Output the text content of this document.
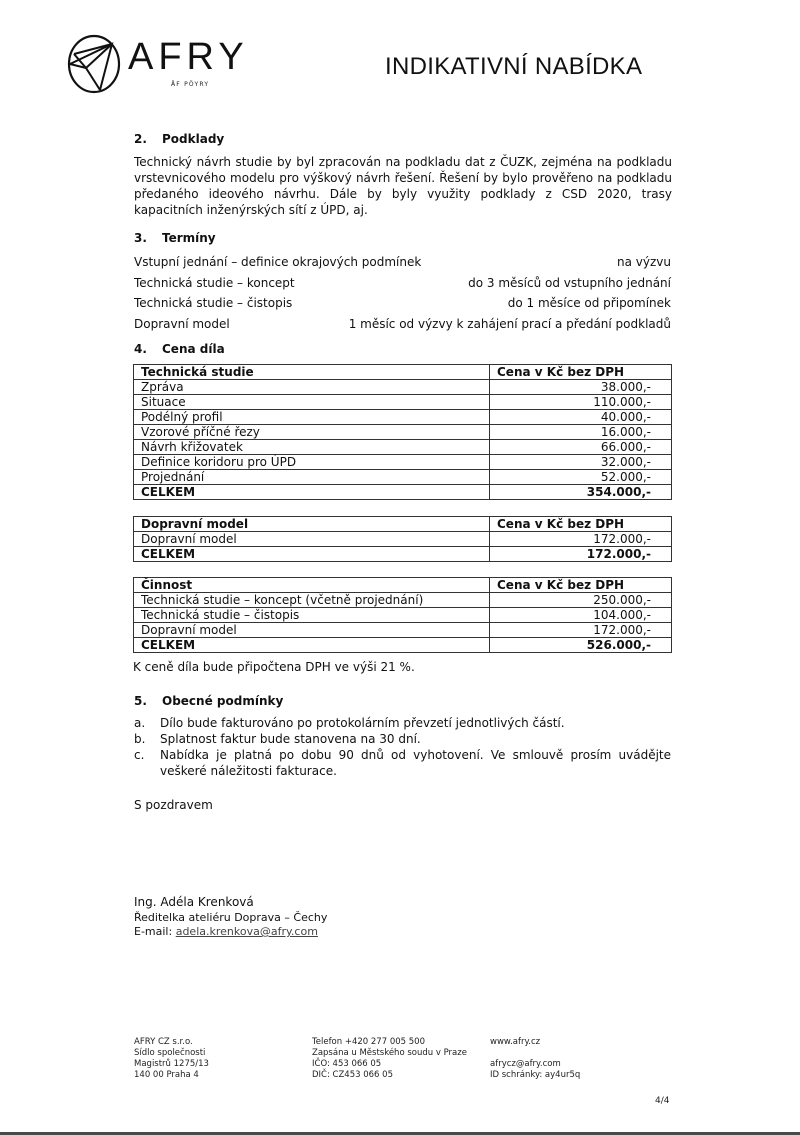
AFRY
ÅF PÖYRY
INDIKATIVNÍ NABÍDKA
2. Podklady
Technický návrh studie by byl zpracován na podkladu dat z ČUZK, zejména na podkladu vrstevnicového modelu pro výškový návrh řešení. Řešení by bylo prověřeno na podkladu předaného ideového návrhu. Dále by byly využity podklady z CSD 2020, trasy kapacitních inženýrských sítí z ÚPD, aj.
3. Termíny
Vstupní jednání – definice okrajových podmínek	na výzvu
Technická studie – koncept	do 3 měsíců od vstupního jednání
Technická studie – čistopis	do 1 měsíce od připomínek
Dopravní model	1 měsíc od výzvy k zahájení prací a předání podkladů
4. Cena díla
Technická studie	Cena v Kč bez DPH
Zpráva	38.000,-
Situace	110.000,-
Podélný profil	40.000,-
Vzorové příčné řezy	16.000,-
Návrh křižovatek	66.000,-
Definice koridoru pro ÚPD	32.000,-
Projednání	52.000,-
CELKEM	354.000,-
Dopravní model	Cena v Kč bez DPH
Dopravní model	172.000,-
CELKEM	172.000,-
Činnost	Cena v Kč bez DPH
Technická studie – koncept (včetně projednání)	250.000,-
Technická studie – čistopis	104.000,-
Dopravní model	172.000,-
CELKEM	526.000,-
K ceně díla bude připočtena DPH ve výši 21 %.
5. Obecné podmínky
a.	Dílo bude fakturováno po protokolárním převzetí jednotlivých částí.
b.	Splatnost faktur bude stanovena na 30 dní.
c.	Nabídka je platná po dobu 90 dnů od vyhotovení. Ve smlouvě prosím uvádějte veškeré náležitosti fakturace.
S pozdravem
Ing. Adéla Krenková
Ředitelka ateliéru Doprava – Čechy
E-mail: adela.krenkova@afry.com
AFRY CZ s.r.o.
Sídlo společnosti
Magistrů 1275/13
140 00 Praha 4
Telefon +420 277 005 500
Zapsána u Městského soudu v Praze
IČO: 453 066 05
DIČ: CZ453 066 05
www.afry.cz
afrycz@afry.com
ID schránky: ay4ur5q
4/4
